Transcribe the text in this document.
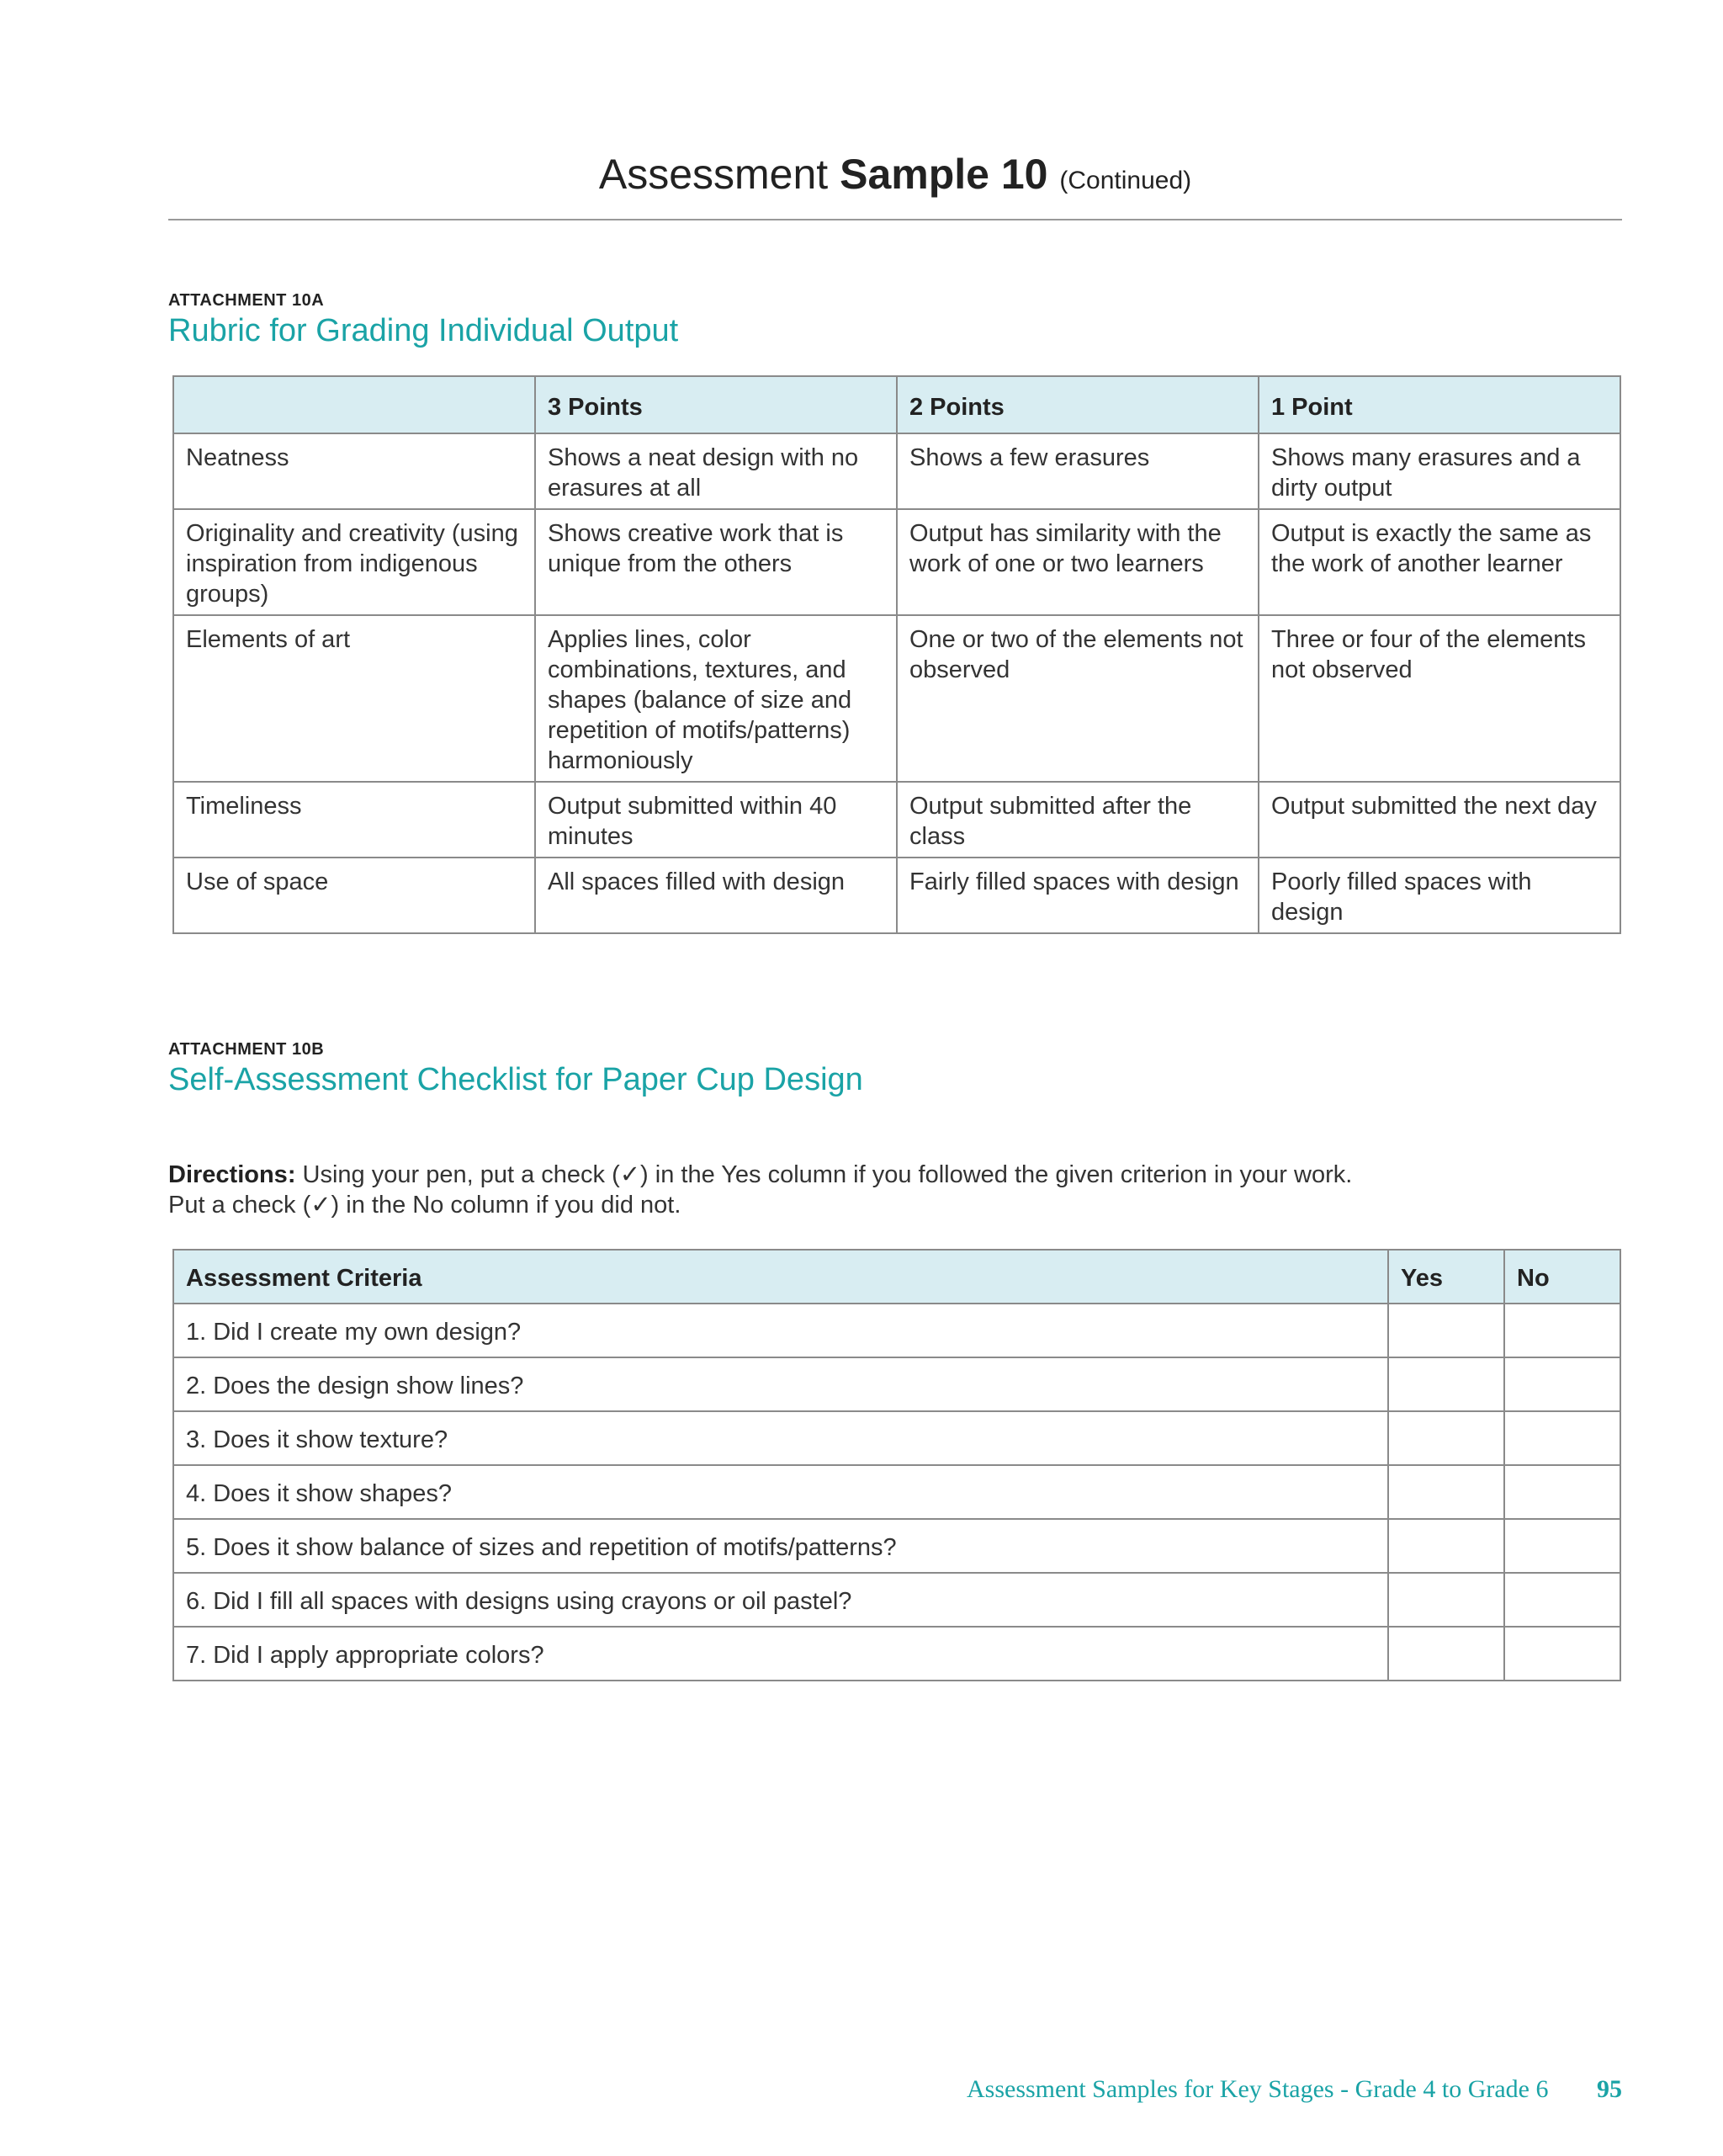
Assessment Sample 10 (Continued)
ATTACHMENT 10A
Rubric for Grading Individual Output
	3 Points	2 Points	1 Point
Neatness	Shows a neat design with no erasures at all	Shows a few erasures	Shows many erasures and a dirty output
Originality and creativity (using inspiration from indigenous groups)	Shows creative work that is unique from the others	Output has similarity with the work of one or two learners	Output is exactly the same as the work of another learner
Elements of art	Applies lines, color combinations, textures, and shapes (balance of size and repetition of motifs/patterns) harmoniously	One or two of the elements not observed	Three or four of the elements not observed
Timeliness	Output submitted within 40 minutes	Output submitted after the class	Output submitted the next day
Use of space	All spaces filled with design	Fairly filled spaces with design	Poorly filled spaces with design
ATTACHMENT 10B
Self-Assessment Checklist for Paper Cup Design
Directions: Using your pen, put a check (✓) in the Yes column if you followed the given criterion in your work. Put a check (✓) in the No column if you did not.
Assessment Criteria	Yes	No
1. Did I create my own design?		
2. Does the design show lines?		
3. Does it show texture?		
4. Does it show shapes?		
5. Does it show balance of sizes and repetition of motifs/patterns?		
6. Did I fill all spaces with designs using crayons or oil pastel?		
7. Did I apply appropriate colors?		
Assessment Samples for Key Stages - Grade 4 to Grade 6 95
